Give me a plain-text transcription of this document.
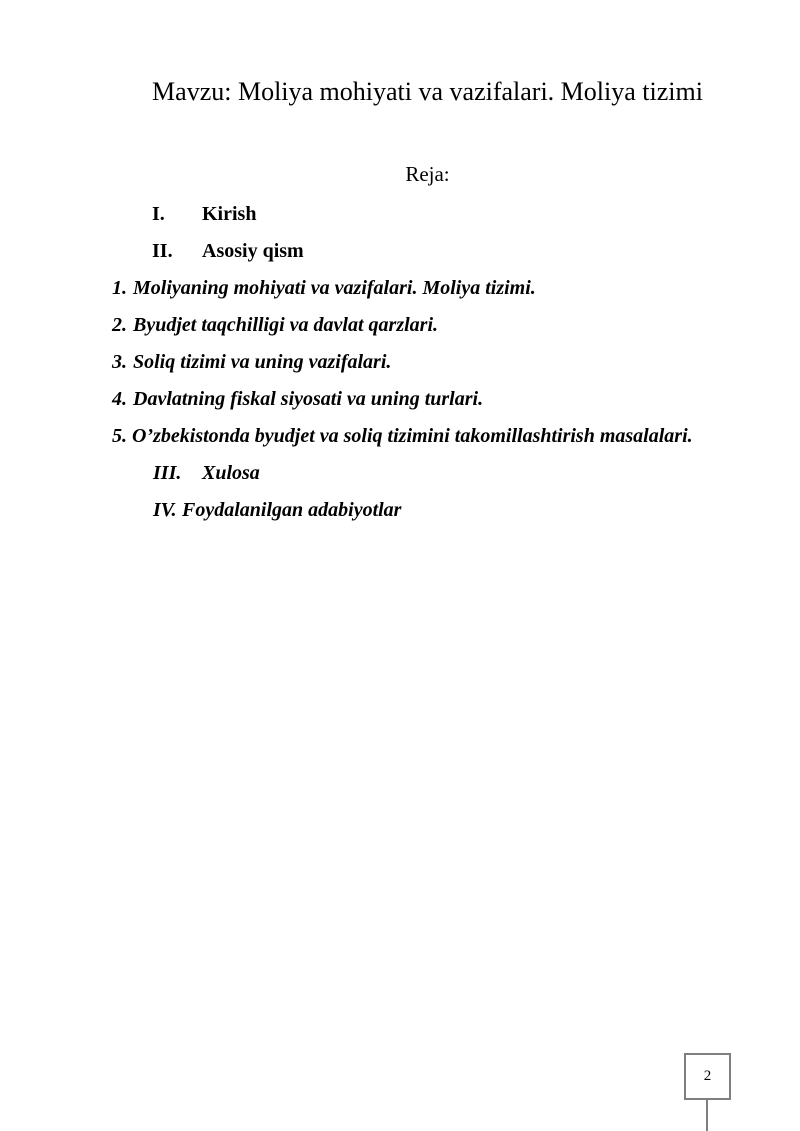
Mavzu: Moliya mohiyati va vazifalari. Moliya tizimi
Reja:
I. Kirish
II. Asosiy qism
1. Moliyaning mohiyati va vazifalari. Moliya tizimi.
2. Byudjet taqchilligi va davlat qarzlari.
3. Soliq tizimi va uning vazifalari.
4. Davlatning fiskal siyosati va uning turlari.
5. O’zbekistonda byudjet va soliq tizimini takomillashtirish masalalari.
III. Xulosa
IV. Foydalanilgan adabiyotlar
2
